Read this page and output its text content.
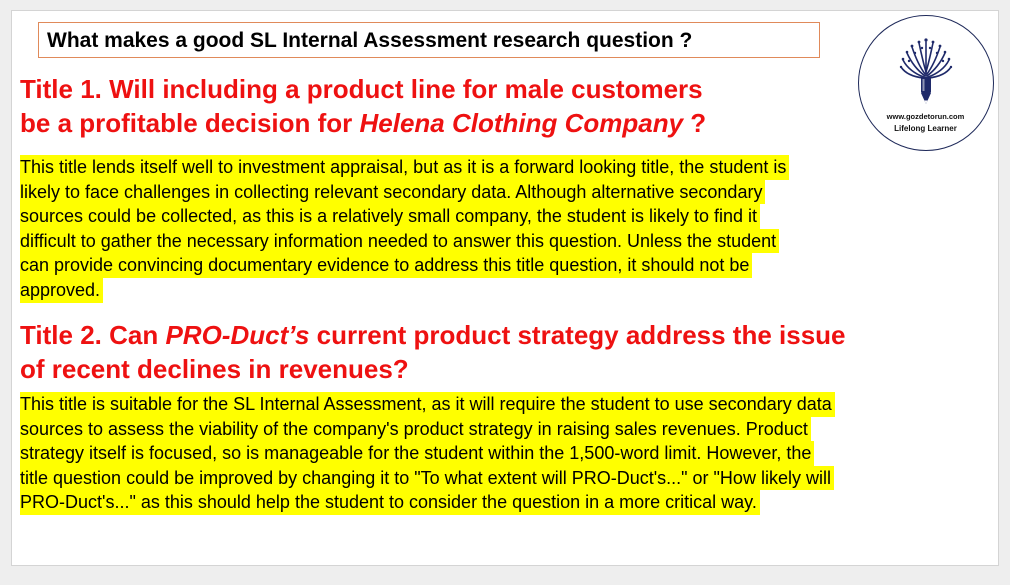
What makes a good SL Internal Assessment research question ?
www.gozdetorun.com
Lifelong Learner
Title 1. Will including a product line for male customers
be a profitable decision for Helena Clothing Company ?
This title lends itself well to investment appraisal, but as it is a forward looking title, the student is
likely to face challenges in collecting relevant secondary data. Although alternative secondary
sources could be collected, as this is a relatively small company, the student is likely to find it
difficult to gather the necessary information needed to answer this question. Unless the student
can provide convincing documentary evidence to address this title question, it should not be
approved.
Title 2. Can PRO-Duct’s current product strategy address the issue
of recent declines in revenues?
This title is suitable for the SL Internal Assessment, as it will require the student to use secondary data
sources to assess the viability of the company's product strategy in raising sales revenues. Product
strategy itself is focused, so is manageable for the student within the 1,500-word limit. However, the
title question could be improved by changing it to "To what extent will PRO-Duct's..." or "How likely will
PRO-Duct's..." as this should help the student to consider the question in a more critical way.
